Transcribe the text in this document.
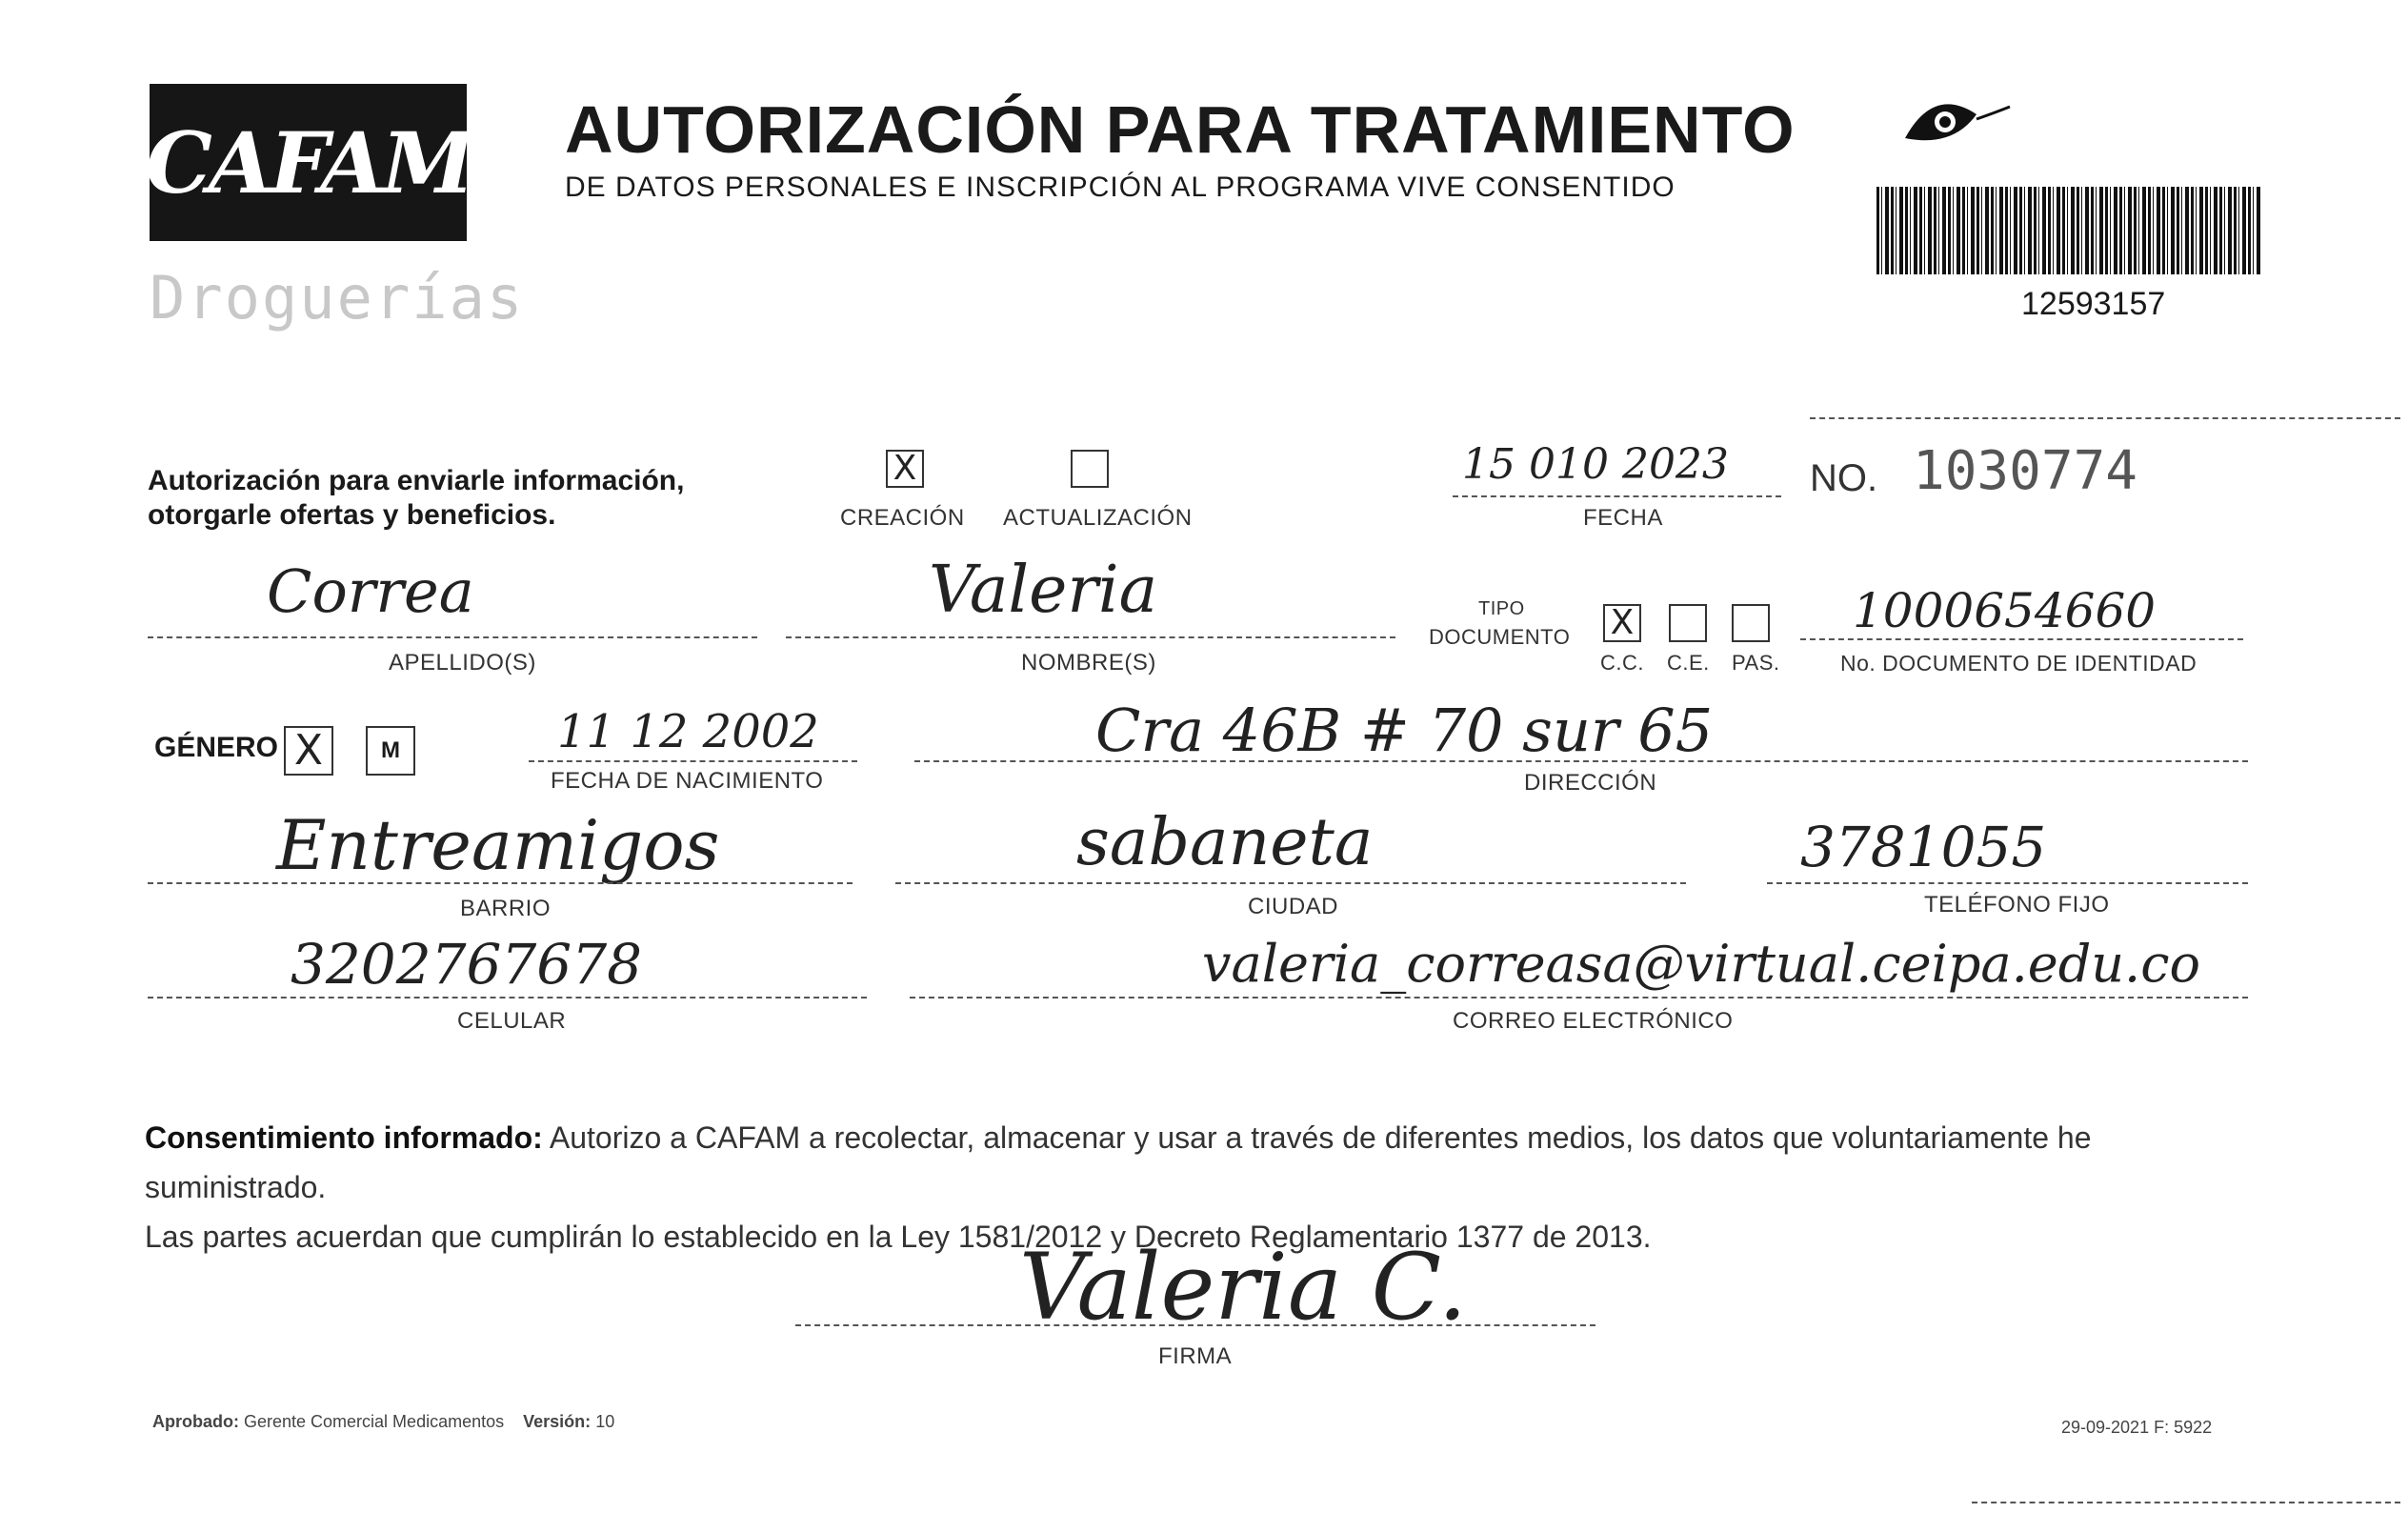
CAFAM
Droguerías
AUTORIZACIÓN PARA TRATAMIENTO
DE DATOS PERSONALES E INSCRIPCIÓN AL PROGRAMA VIVE CONSENTIDO
12593157
Autorización para enviarle información,
otorgarle ofertas y beneficios.
X
CREACIÓN ACTUALIZACIÓN
15 010 2023
FECHA
NO. 1030774
Correa
APELLIDO(S)
Valeria
NOMBRE(S)
TIPO
DOCUMENTO X
C.C. C.E. PAS.
1000654660
No. DOCUMENTO DE IDENTIDAD
GÉNERO X	M	11 12 2002
FECHA DE NACIMIENTO
Cra 46B # 70 sur 65
DIRECCIÓN
Entreamigos
BARRIO
sabaneta
CIUDAD
3781055
TELÉFONO FIJO
3202767678
CELULAR
valeria_correasa@virtual.ceipa.edu.co
CORREO ELECTRÓNICO
Consentimiento informado: Autorizo a CAFAM a recolectar, almacenar y usar a través de diferentes medios, los datos que voluntariamente he suministrado.
Las partes acuerdan que cumplirán lo establecido en la Ley 1581/2012 y Decreto Reglamentario 1377 de 2013.
Valeria C.
FIRMA
Aprobado: Gerente Comercial Medicamentos Versión: 10	29-09-2021 F: 5922
